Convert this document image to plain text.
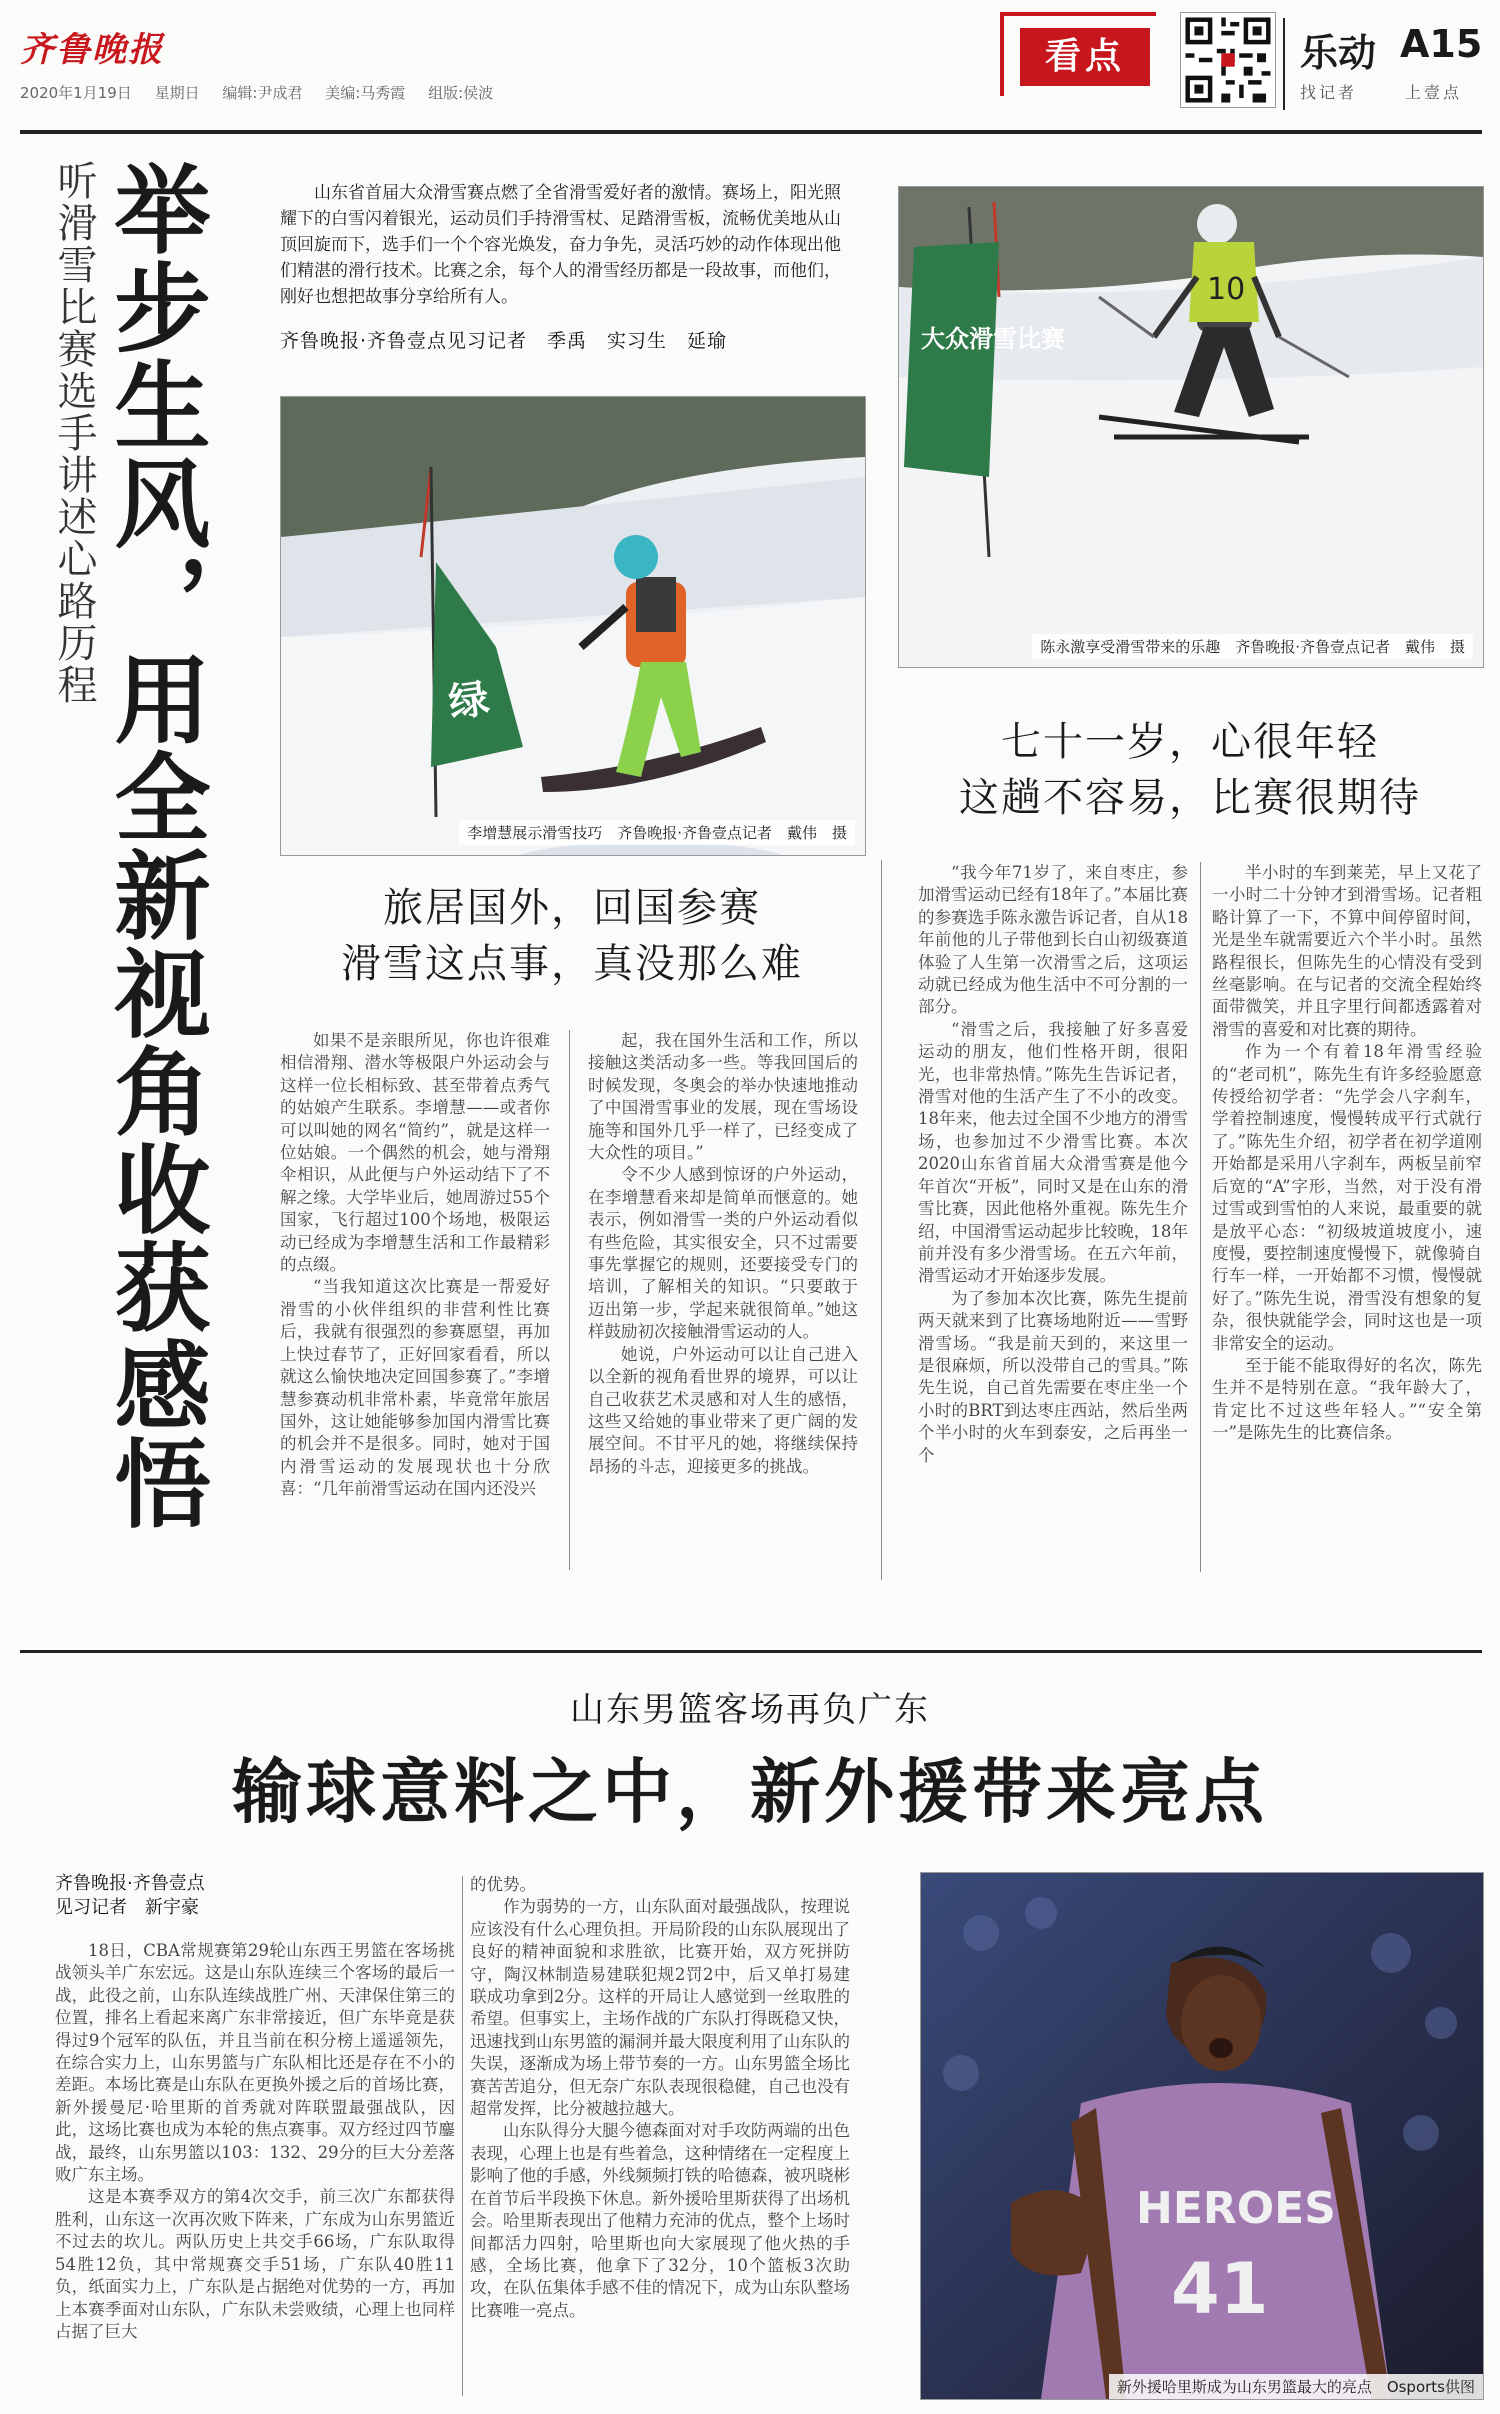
齐鲁晚报
2020年1月19日 星期日 编辑:尹成君 美编:马秀霞 组版:侯波
看点	乐动 A15
找记者	上壹点
听滑雪比赛选手讲述心路历程 举步生风，用全新视角收获感悟	山东省首届大众滑雪赛点燃了全省滑雪爱好者的激情。赛场上，阳光照耀下的白雪闪着银光，运动员们手持滑雪杖、足踏滑雪板，流畅优美地从山顶回旋而下，选手们一个个容光焕发，奋力争先，灵活巧妙的动作体现出他们精湛的滑行技术。比赛之余，每个人的滑雪经历都是一段故事，而他们，刚好也想把故事分享给所有人。
齐鲁晚报·齐鲁壹点见习记者　季禹　实习生　延瑜
绿
李增慧展示滑雪技巧　齐鲁晚报·齐鲁壹点记者　戴伟　摄
大众滑雪比赛
10
陈永激享受滑雪带来的乐趣　齐鲁晚报·齐鲁壹点记者　戴伟　摄
旅居国外，回国参赛
滑雪这点事，真没那么难
七十一岁，心很年轻
这趟不容易，比赛很期待

如果不是亲眼所见，你也许很难相信滑翔、潜水等极限户外运动会与这样一位长相标致、甚至带着点秀气的姑娘产生联系。李增慧——或者你可以叫她的网名“简约”，就是这样一位姑娘。一个偶然的机会，她与滑翔伞相识，从此便与户外运动结下了不解之缘。大学毕业后，她周游过55个国家，飞行超过100个场地，极限运动已经成为李增慧生活和工作最精彩的点缀。

“当我知道这次比赛是一帮爱好滑雪的小伙伴组织的非营利性比赛后，我就有很强烈的参赛愿望，再加上快过春节了，正好回家看看，所以就这么愉快地决定回国参赛了。”李增慧参赛动机非常朴素，毕竟常年旅居国外，这让她能够参加国内滑雪比赛的机会并不是很多。同时，她对于国内滑雪运动的发展现状也十分欣喜：“几年前滑雪运动在国内还没兴

起，我在国外生活和工作，所以接触这类活动多一些。等我回国后的时候发现，冬奥会的举办快速地推动了中国滑雪事业的发展，现在雪场设施等和国外几乎一样了，已经变成了大众性的项目。”

令不少人感到惊讶的户外运动，在李增慧看来却是简单而惬意的。她表示，例如滑雪一类的户外运动看似有些危险，其实很安全，只不过需要事先掌握它的规则，还要接受专门的培训，了解相关的知识。“只要敢于迈出第一步，学起来就很简单。”她这样鼓励初次接触滑雪运动的人。

她说，户外运动可以让自己进入以全新的视角看世界的境界，可以让自己收获艺术灵感和对人生的感悟，这些又给她的事业带来了更广阔的发展空间。不甘平凡的她，将继续保持昂扬的斗志，迎接更多的挑战。

“我今年71岁了，来自枣庄，参加滑雪运动已经有18年了。”本届比赛的参赛选手陈永激告诉记者，自从18年前他的儿子带他到长白山初级赛道体验了人生第一次滑雪之后，这项运动就已经成为他生活中不可分割的一部分。

“滑雪之后，我接触了好多喜爱运动的朋友，他们性格开朗，很阳光，也非常热情。”陈先生告诉记者，滑雪对他的生活产生了不小的改变。18年来，他去过全国不少地方的滑雪场，也参加过不少滑雪比赛。本次2020山东省首届大众滑雪赛是他今年首次“开板”，同时又是在山东的滑雪比赛，因此他格外重视。陈先生介绍，中国滑雪运动起步比较晚，18年前并没有多少滑雪场。在五六年前，滑雪运动才开始逐步发展。

为了参加本次比赛，陈先生提前两天就来到了比赛场地附近——雪野滑雪场。“我是前天到的，来这里一是很麻烦，所以没带自己的雪具。”陈先生说，自己首先需要在枣庄坐一个小时的BRT到达枣庄西站，然后坐两个半小时的火车到泰安，之后再坐一个

半小时的车到莱芜，早上又花了一小时二十分钟才到滑雪场。记者粗略计算了一下，不算中间停留时间，光是坐车就需要近六个半小时。虽然路程很长，但陈先生的心情没有受到丝毫影响。在与记者的交流全程始终面带微笑，并且字里行间都透露着对滑雪的喜爱和对比赛的期待。

作为一个有着18年滑雪经验的“老司机”，陈先生有许多经验愿意传授给初学者：“先学会八字刹车，学着控制速度，慢慢转成平行式就行了。”陈先生介绍，初学者在初学道刚开始都是采用八字刹车，两板呈前窄后宽的“A”字形，当然，对于没有滑过雪或到雪怕的人来说，最重要的就是放平心态：“初级坡道坡度小，速度慢，要控制速度慢慢下，就像骑自行车一样，一开始都不习惯，慢慢就好了。”陈先生说，滑雪没有想象的复杂，很快就能学会，同时这也是一项非常安全的运动。

至于能不能取得好的名次，陈先生并不是特别在意。“我年龄大了，肯定比不过这些年轻人。”“安全第一”是陈先生的比赛信条。

山东男篮客场再负广东
输球意料之中，新外援带来亮点
齐鲁晚报·齐鲁壹点
见习记者　新宇豪

18日，CBA常规赛第29轮山东西王男篮在客场挑战领头羊广东宏远。这是山东队连续三个客场的最后一战，此役之前，山东队连续战胜广州、天津保住第三的位置，排名上看起来离广东非常接近，但广东毕竟是获得过9个冠军的队伍，并且当前在积分榜上遥遥领先，在综合实力上，山东男篮与广东队相比还是存在不小的差距。本场比赛是山东队在更换外援之后的首场比赛，新外援曼尼·哈里斯的首秀就对阵联盟最强战队，因此，这场比赛也成为本轮的焦点赛事。双方经过四节鏖战，最终，山东男篮以103：132、29分的巨大分差落败广东主场。

这是本赛季双方的第4次交手，前三次广东都获得胜利，山东这一次再次败下阵来，广东成为山东男篮近不过去的坎儿。两队历史上共交手66场，广东队取得54胜12负，其中常规赛交手51场，广东队40胜11负，纸面实力上，广东队是占据绝对优势的一方，再加上本赛季面对山东队，广东队未尝败绩，心理上也同样占据了巨大

的优势。

作为弱势的一方，山东队面对最强战队，按理说应该没有什么心理负担。开局阶段的山东队展现出了良好的精神面貌和求胜欲，比赛开始，双方死拼防守，陶汉林制造易建联犯规2罚2中，后又单打易建联成功拿到2分。这样的开局让人感觉到一丝取胜的希望。但事实上，主场作战的广东队打得既稳又快，迅速找到山东男篮的漏洞并最大限度利用了山东队的失误，逐渐成为场上带节奏的一方。山东男篮全场比赛苦苦追分，但无奈广东队表现很稳健，自己也没有超常发挥，比分被越拉越大。

山东队得分大腿今德森面对对手攻防两端的出色表现，心理上也是有些着急，这种情绪在一定程度上影响了他的手感，外线频频打铁的哈德森，被巩晓彬在首节后半段换下休息。新外援哈里斯获得了出场机会。哈里斯表现出了他精力充沛的优点，整个上场时间都活力四射，哈里斯也向大家展现了他火热的手感，全场比赛，他拿下了32分，10个篮板3次助攻，在队伍集体手感不佳的情况下，成为山东队整场比赛唯一亮点。

HEROES
41
新外援哈里斯成为山东男篮最大的亮点　Osports供图
